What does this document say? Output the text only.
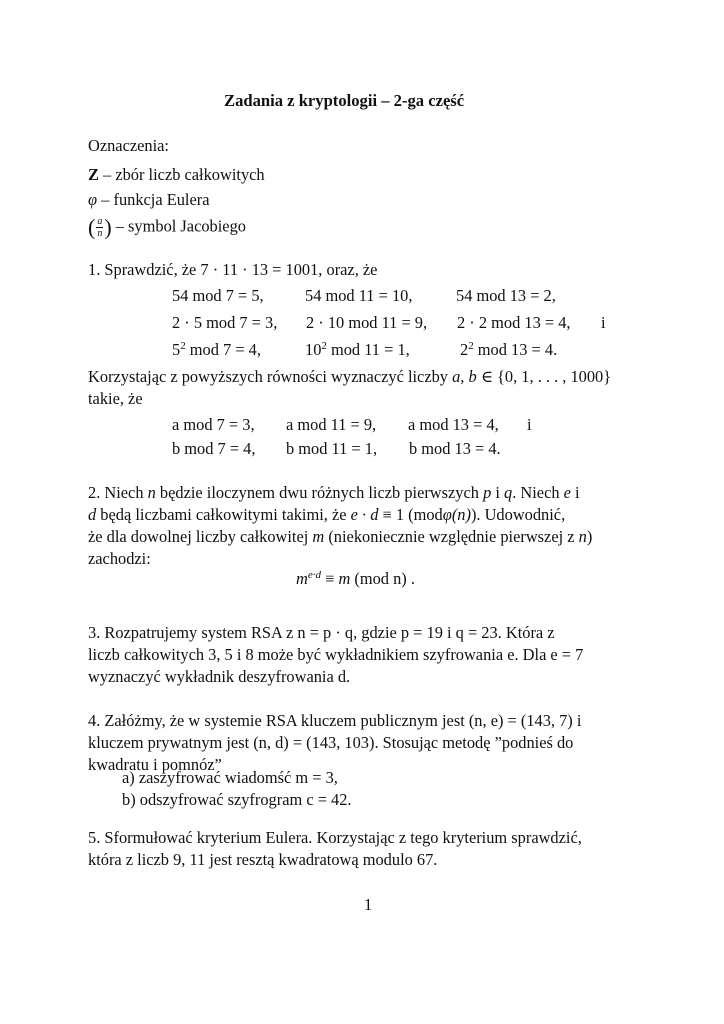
Zadania z kryptologii – 2-ga część
Oznaczenia:
Z – zbór liczb całkowitych
φ – funkcja Eulera
( $\frac{a}{n}$ ) – symbol Jacobiego
1. Sprawdzić, że 7 · 11 · 13 = 1001, oraz, że
54 mod 7 = 5,	54 mod 11 = 10,	54 mod 13 = 2,
2 · 5 mod 7 = 3, 2 · 10 mod 11 = 9, 2 · 2 mod 13 = 4, i
$5^2$ mod 7 = 4,	$10^2$ mod 11 = 1,	$2^2$ mod 13 = 4.
Korzystając z powyższych równości wyznaczyć liczby a, b ∈ {0, 1, . . . , 1000}
takie, że
a mod 7 = 3, a mod 11 = 9, a mod 13 = 4, i
b mod 7 = 4, b mod 11 = 1, b mod 13 = 4.
2. Niech n będzie iloczynem dwu różnych liczb pierwszych p i q. Niech e i
d będą liczbami całkowitymi takimi, że e · d ≡ 1 (modφ(n)). Udowodnić,
że dla dowolnej liczby całkowitej m (niekoniecznie względnie pierwszej z n)
zachodzi:
$m^{e\cdot d} \equiv m$ (mod n) .
3. Rozpatrujemy system RSA z n = p · q, gdzie p = 19 i q = 23. Która z
liczb całkowitych 3, 5 i 8 może być wykładnikiem szyfrowania e. Dla e = 7
wyznaczyć wykładnik deszyfrowania d.
4. Załóżmy, że w systemie RSA kluczem publicznym jest (n, e) = (143, 7) i
kluczem prywatnym jest (n, d) = (143, 103). Stosując metodę ”podnieś do
kwadratu i pomnóz”
a) zaszyfrować wiadomść m = 3,
b) odszyfrować szyfrogram c = 42.
5. Sformułować kryterium Eulera. Korzystając z tego kryterium sprawdzić,
która z liczb 9, 11 jest resztą kwadratową modulo 67.
1
